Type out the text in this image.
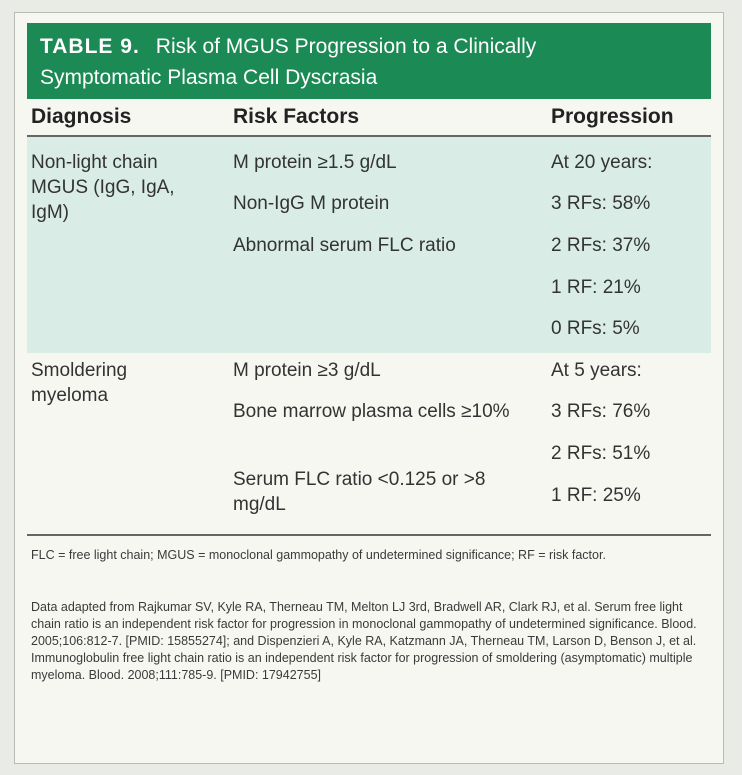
TABLE 9. Risk of MGUS Progression to a Clinically
Symptomatic Plasma Cell Dyscrasia
Diagnosis	Risk Factors	Progression
Non-light chain MGUS (IgG, IgA, IgM)
M protein ≥1.5 g/dL
Non-IgG M protein
Abnormal serum FLC ratio
At 20 years:
3 RFs: 58%
2 RFs: 37%
1 RF: 21%
0 RFs: 5%
Smoldering myeloma
M protein ≥3 g/dL
Bone marrow plasma cells ≥10%
Serum FLC ratio <0.125 or >8 mg/dL
At 5 years:
3 RFs: 76%
2 RFs: 51%
1 RF: 25%
FLC = free light chain; MGUS = monoclonal gammopathy of undetermined significance; RF = risk factor.
Data adapted from Rajkumar SV, Kyle RA, Therneau TM, Melton LJ 3rd, Bradwell AR, Clark RJ, et al. Serum free light chain ratio is an independent risk factor for progression in monoclonal gammopathy of undetermined significance. Blood. 2005;106:812-7. [PMID: 15855274]; and Dispenzieri A, Kyle RA, Katzmann JA, Therneau TM, Larson D, Benson J, et al. Immunoglobulin free light chain ratio is an independent risk factor for progression of smoldering (asymptomatic) multiple myeloma. Blood. 2008;111:785-9. [PMID: 17942755]
